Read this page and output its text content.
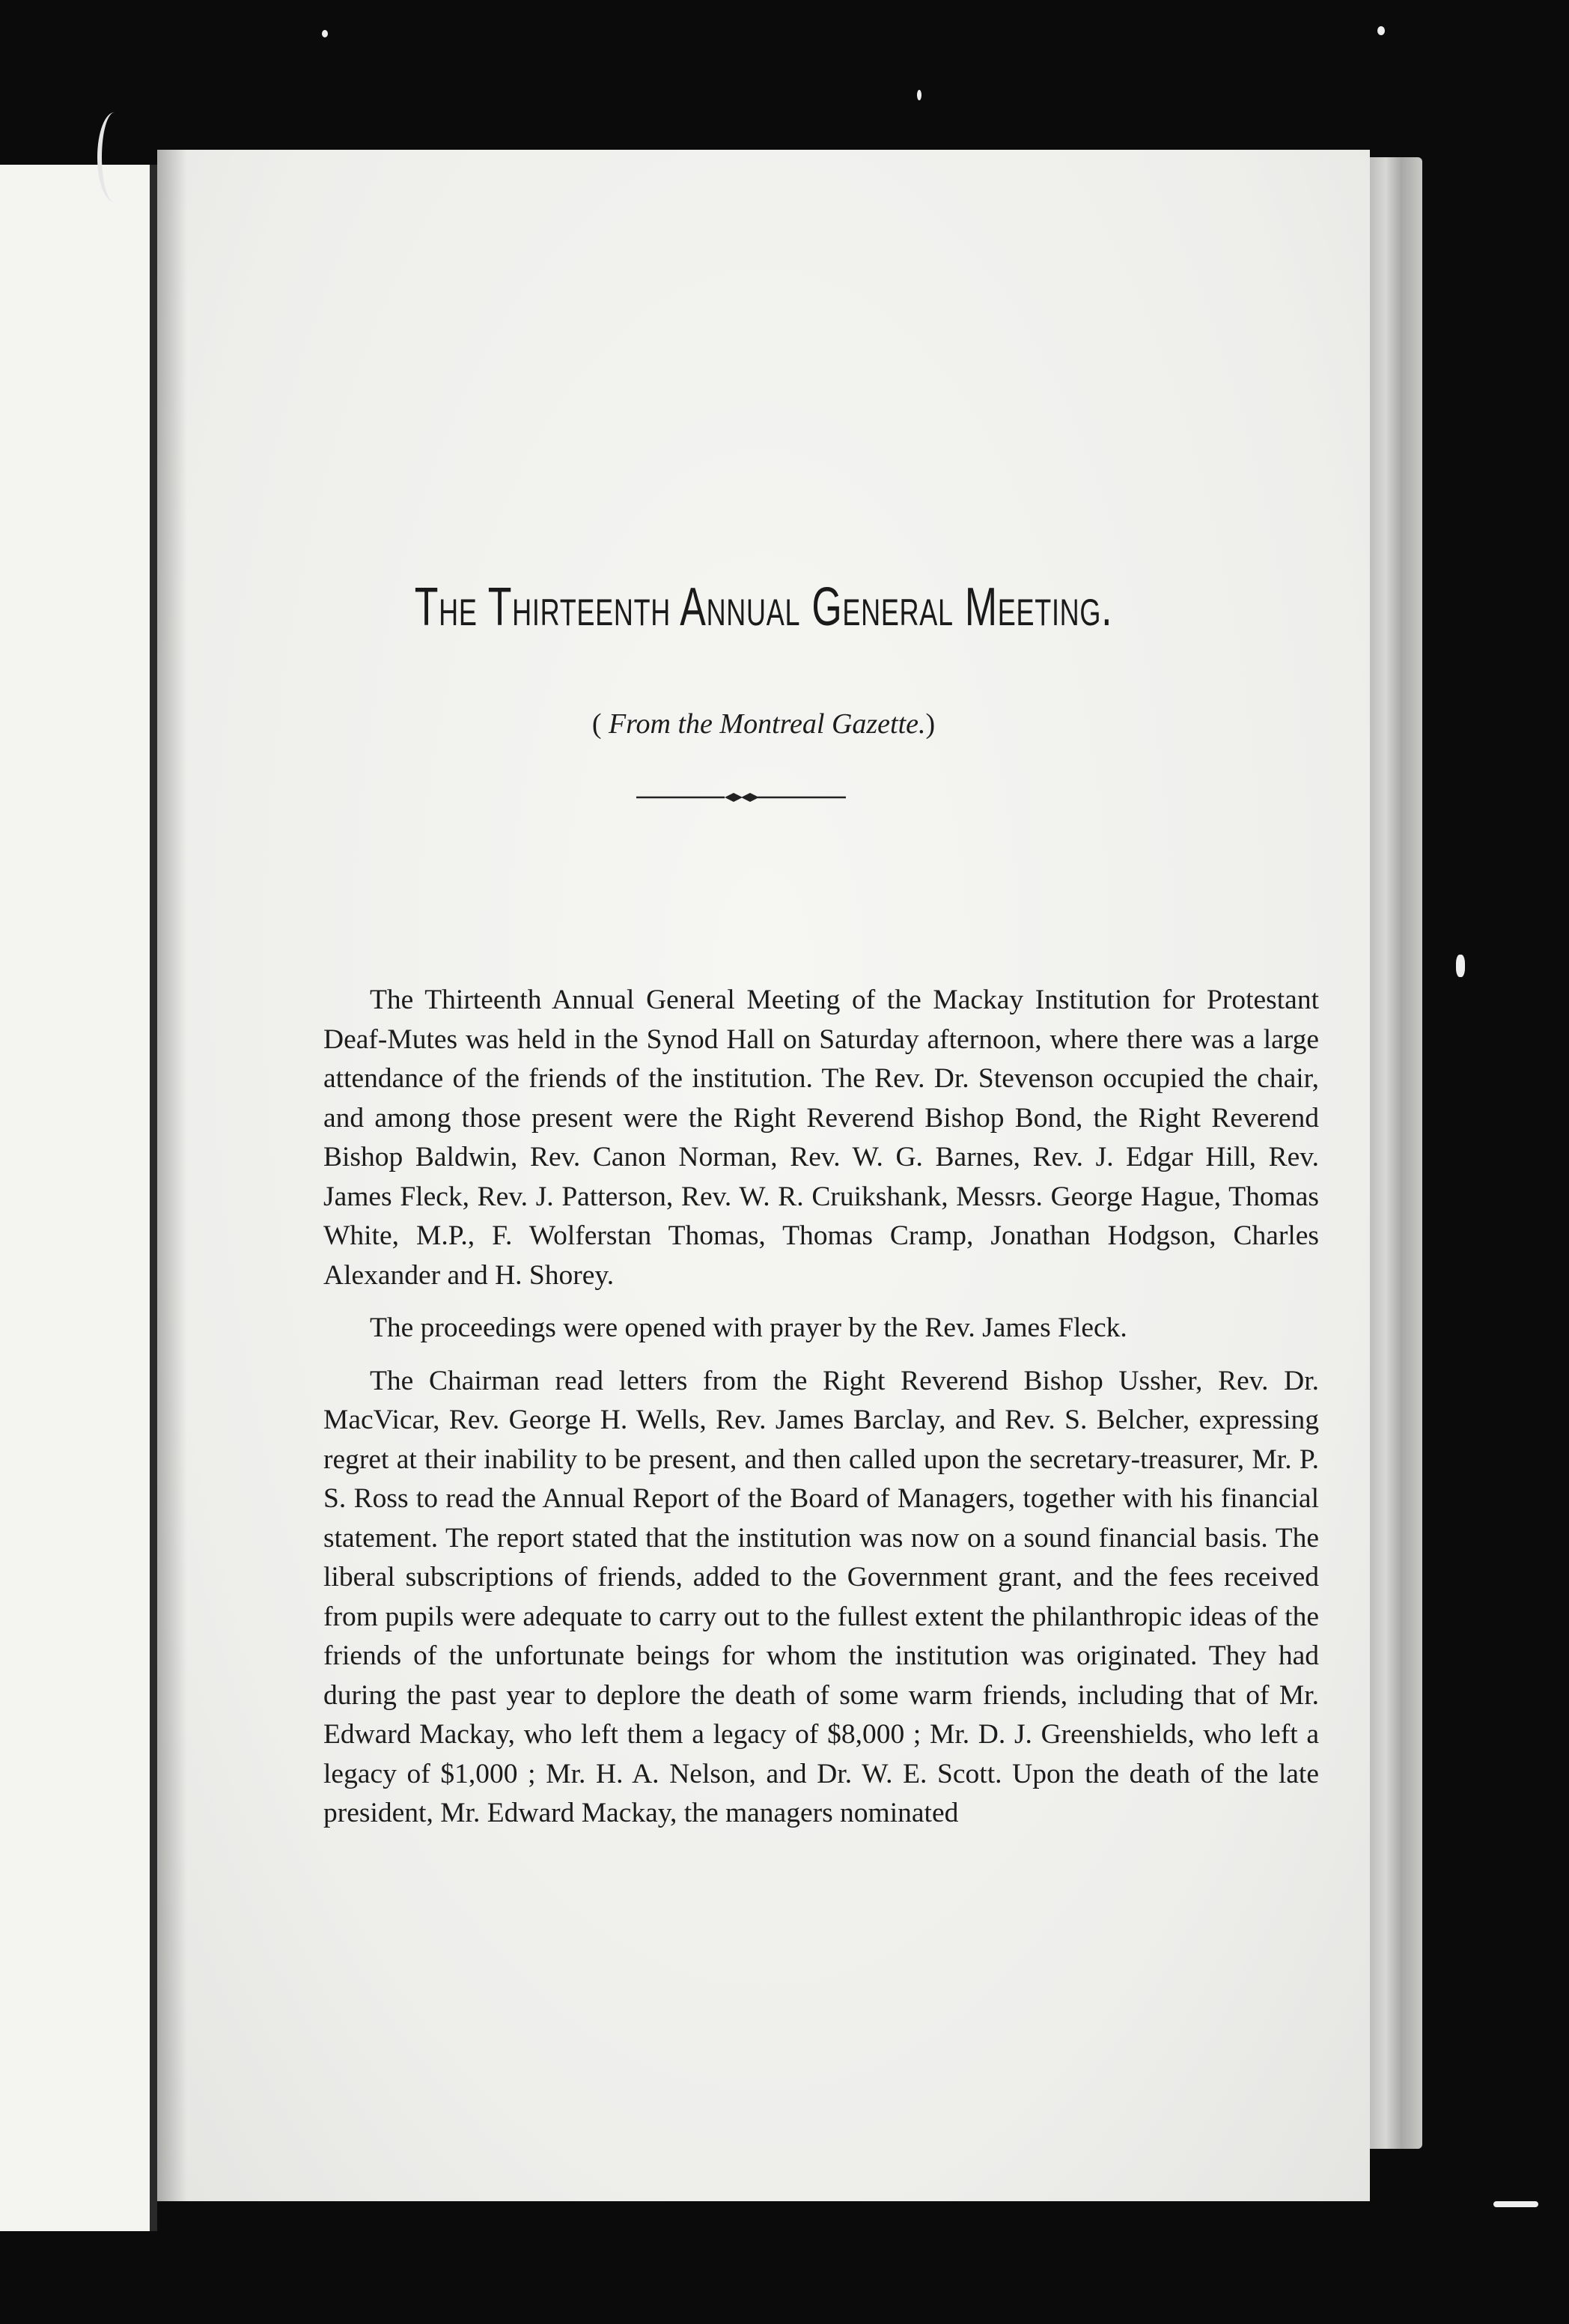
The Thirteenth Annual General Meeting.
( From the Montreal Gazette.)

The Thirteenth Annual General Meeting of the Mackay Institution for Protestant Deaf-Mutes was held in the Synod Hall on Saturday afternoon, where there was a large attendance of the friends of the institution. The Rev. Dr. Stevenson occupied the chair, and among those present were the Right Reverend Bishop Bond, the Right Reverend Bishop Baldwin, Rev. Canon Norman, Rev. W. G. Barnes, Rev. J. Edgar Hill, Rev. James Fleck, Rev. J. Patterson, Rev. W. R. Cruikshank, Messrs. George Hague, Thomas White, M.P., F. Wolferstan Thomas, Thomas Cramp, Jonathan Hodgson, Charles Alexander and H. Shorey.

The proceedings were opened with prayer by the Rev. James Fleck.

The Chairman read letters from the Right Reverend Bishop Ussher, Rev. Dr. MacVicar, Rev. George H. Wells, Rev. James Barclay, and Rev. S. Belcher, expressing regret at their inability to be present, and then called upon the secretary-treasurer, Mr. P. S. Ross to read the Annual Report of the Board of Managers, together with his financial statement. The report stated that the institution was now on a sound financial basis. The liberal subscriptions of friends, added to the Government grant, and the fees received from pupils were adequate to carry out to the fullest extent the philanthropic ideas of the friends of the unfortunate beings for whom the institution was originated. They had during the past year to deplore the death of some warm friends, including that of Mr. Edward Mackay, who left them a legacy of $8,000 ; Mr. D. J. Greenshields, who left a legacy of $1,000 ; Mr. H. A. Nelson, and Dr. W. E. Scott. Upon the death of the late president, Mr. Edward Mackay, the managers nominated
